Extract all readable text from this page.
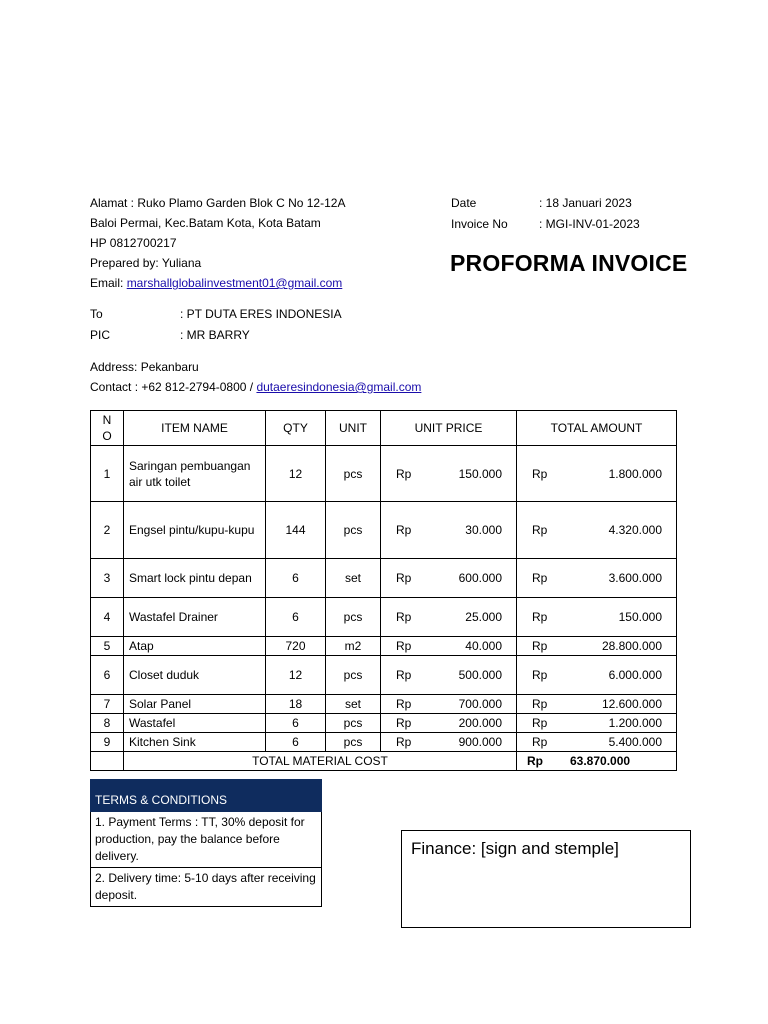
Alamat : Ruko Plamo Garden Blok C No 12-12A
Baloi Permai, Kec.Batam Kota, Kota Batam
HP 0812700217
Prepared by: Yuliana
Email: marshallglobalinvestment01@gmail.com
Date	: 18 Januari 2023
Invoice No	: MGI-INV-01-2023
PROFORMA INVOICE
To	: PT DUTA ERES INDONESIA
PIC	: MR BARRY
Address: Pekanbaru
Contact : +62 812-2794-0800 / dutaeresindonesia@gmail.com
N O	ITEM NAME	QTY	UNIT	UNIT PRICE	TOTAL AMOUNT
1	Saringan pembuangan air utk toilet	12	pcs	Rp 150.000	Rp 1.800.000

2	Engsel pintu/kupu-kupu	144	pcs	Rp 30.000	Rp 4.320.000

3	Smart lock pintu depan	6	set	Rp 600.000	Rp 3.600.000

4	Wastafel Drainer	6	pcs	Rp 25.000	Rp 150.000

5	Atap	720	m2	Rp 40.000	Rp 28.800.000

6	Closet duduk	12	pcs	Rp 500.000	Rp 6.000.000

7	Solar Panel	18	set	Rp 700.000	Rp 12.600.000

8	Wastafel	6	pcs	Rp 200.000	Rp 1.200.000

9	Kitchen Sink	6	pcs	Rp 900.000	Rp 5.400.000

	TOTAL MATERIAL COST				Rp 63.870.000
TERMS & CONDITIONS
1. Payment Terms : TT, 30% deposit for production, pay the balance before delivery.
2. Delivery time: 5-10 days after receiving deposit.
Finance: [sign and stemple]
